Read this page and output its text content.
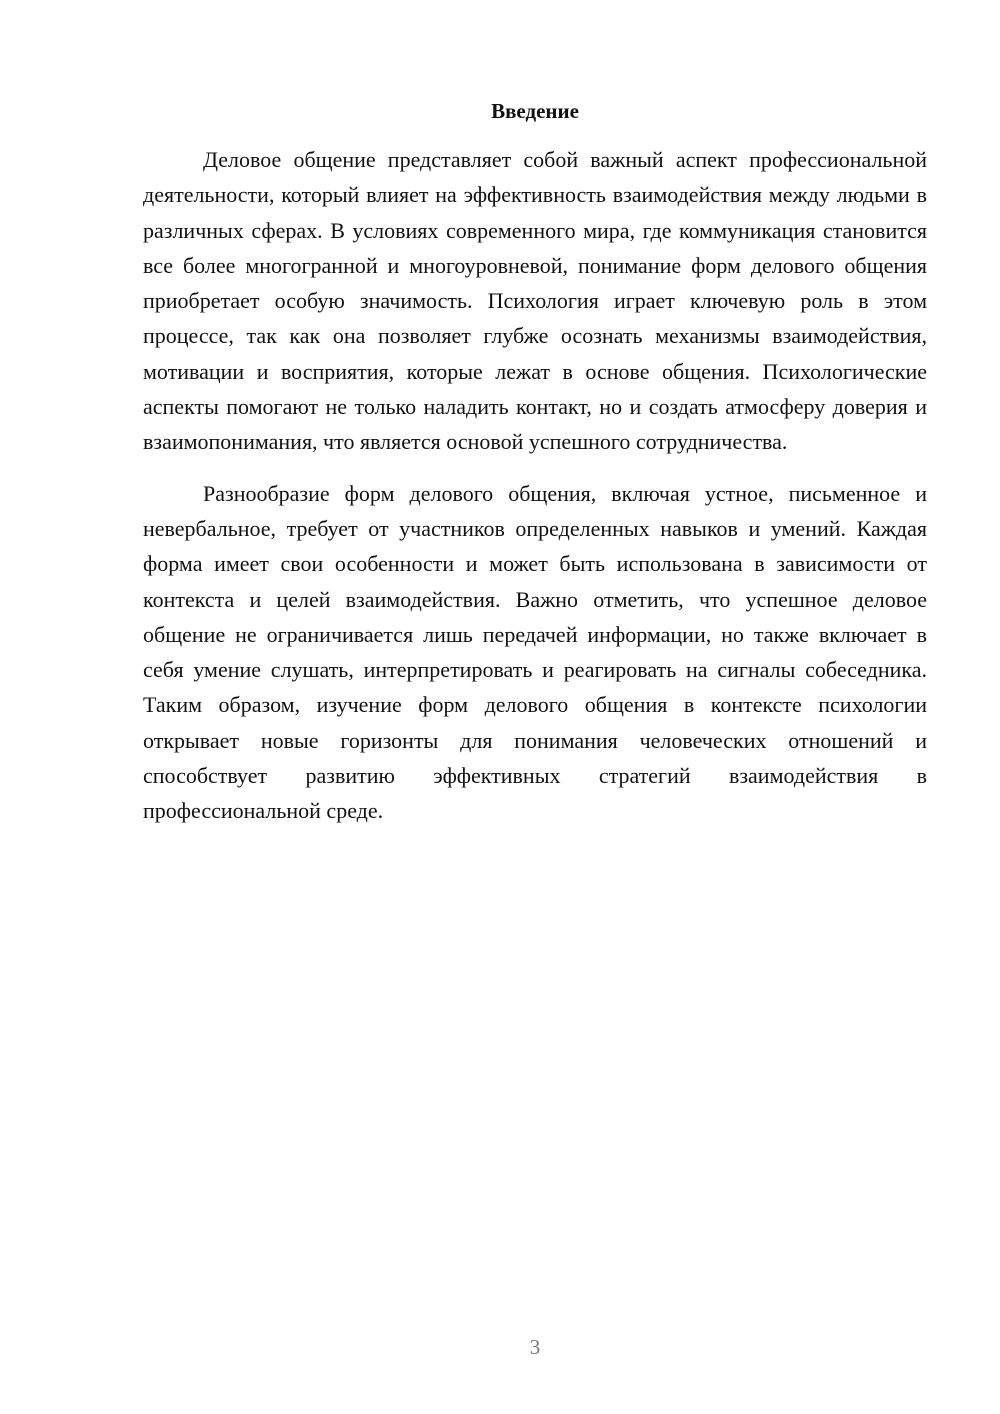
Введение

Деловое общение представляет собой важный аспект профессиональной деятельности, который влияет на эффективность взаимодействия между людьми в различных сферах. В условиях современного мира, где коммуникация становится все более многогранной и многоуровневой, понимание форм делового общения приобретает особую значимость. Психология играет ключевую роль в этом процессе, так как она позволяет глубже осознать механизмы взаимодействия, мотивации и восприятия, которые лежат в основе общения. Психологические аспекты помогают не только наладить контакт, но и создать атмосферу доверия и взаимопонимания, что является основой успешного сотрудничества.

Разнообразие форм делового общения, включая устное, письменное и невербальное, требует от участников определенных навыков и умений. Каждая форма имеет свои особенности и может быть использована в зависимости от контекста и целей взаимодействия. Важно отметить, что успешное деловое общение не ограничивается лишь передачей информации, но также включает в себя умение слушать, интерпретировать и реагировать на сигналы собеседника. Таким образом, изучение форм делового общения в контексте психологии открывает новые горизонты для понимания человеческих отношений и способствует развитию эффективных стратегий взаимодействия в профессиональной среде.

3
